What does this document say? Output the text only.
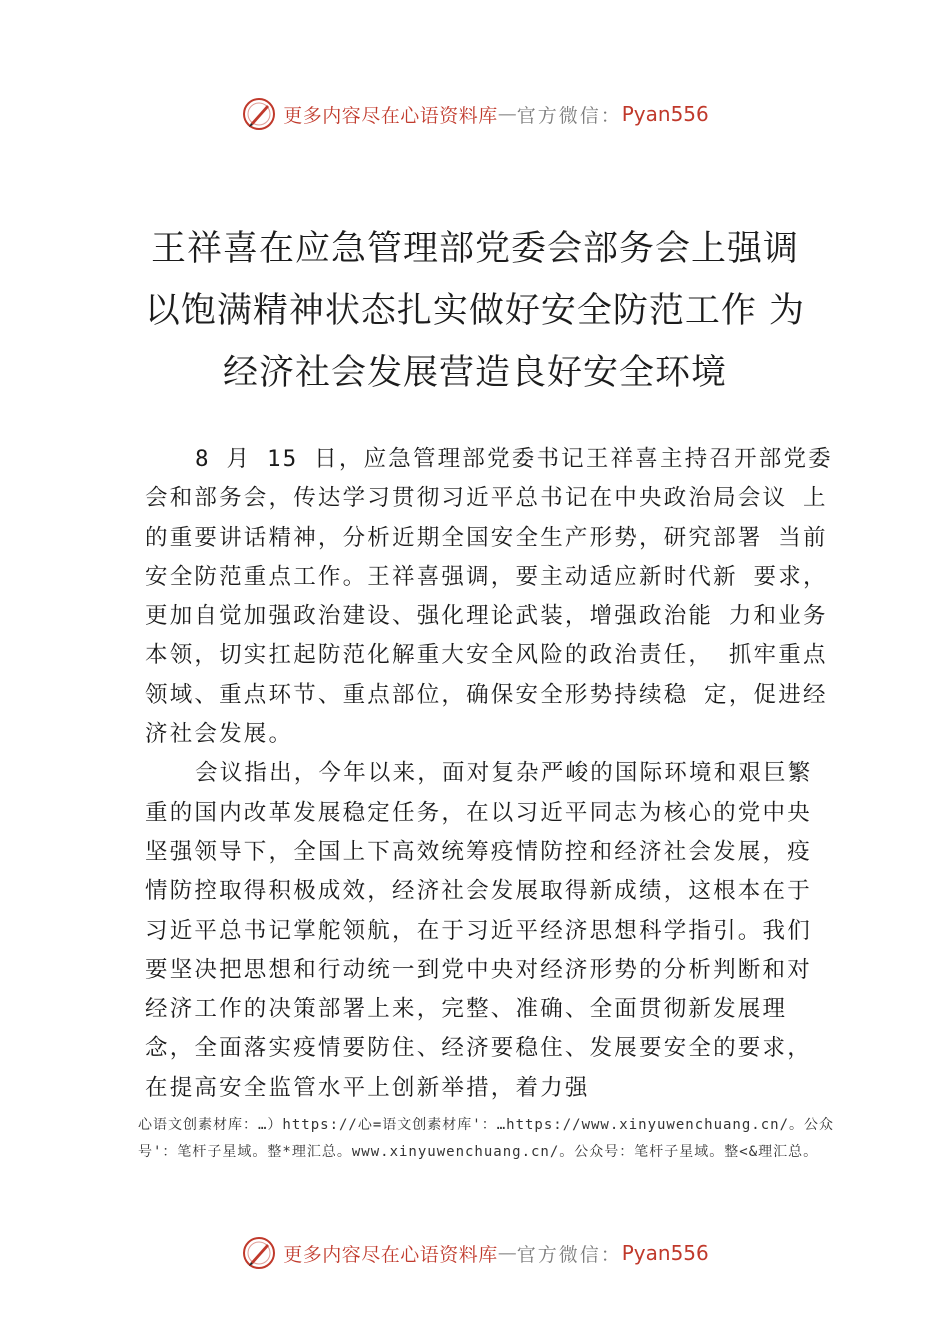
更多内容尽在心语资料库 — 官方微信： Pyan556
王祥喜在应急管理部党委会部务会上强调
以饱满精神状态扎实做好安全防范工作 为
经济社会发展营造良好安全环境

8 月 15 日，应急管理部党委书记王祥喜主持召开部党委会和部务会，传达学习贯彻习近平总书记在中央政治局会议 上的重要讲话精神，分析近期全国安全生产形势，研究部署 当前安全防范重点工作。王祥喜强调，要主动适应新时代新 要求，更加自觉加强政治建设、强化理论武装，增强政治能 力和业务本领，切实扛起防范化解重大安全风险的政治责任， 抓牢重点领域、重点环节、重点部位，确保安全形势持续稳 定，促进经济社会发展。

会议指出，今年以来，面对复杂严峻的国际环境和艰巨繁重的国内改革发展稳定任务，在以习近平同志为核心的党中央坚强领导下，全国上下高效统筹疫情防控和经济社会发展，疫情防控取得积极成效，经济社会发展取得新成绩，这根本在于习近平总书记掌舵领航，在于习近平经济思想科学指引。我们 要坚决把思想和行动统一到党中央对经济形势的分析判断和对经济工作的决策部署上来，完整、准确、全面贯彻新发展理念，全面落实疫情要防住、经济要稳住、发展要安全的要求，在提高安全监管水平上创新举措，着力强

心语文创素材库：…）https://心=语文创素材库'：…https://www.xinyuwenchuang.cn/。公众号'：笔杆子星域。整*理汇总。www.xinyuwenchuang.cn/。公众号：笔杆子星域。整<&理汇总。
更多内容尽在心语资料库 — 官方微信： Pyan556
